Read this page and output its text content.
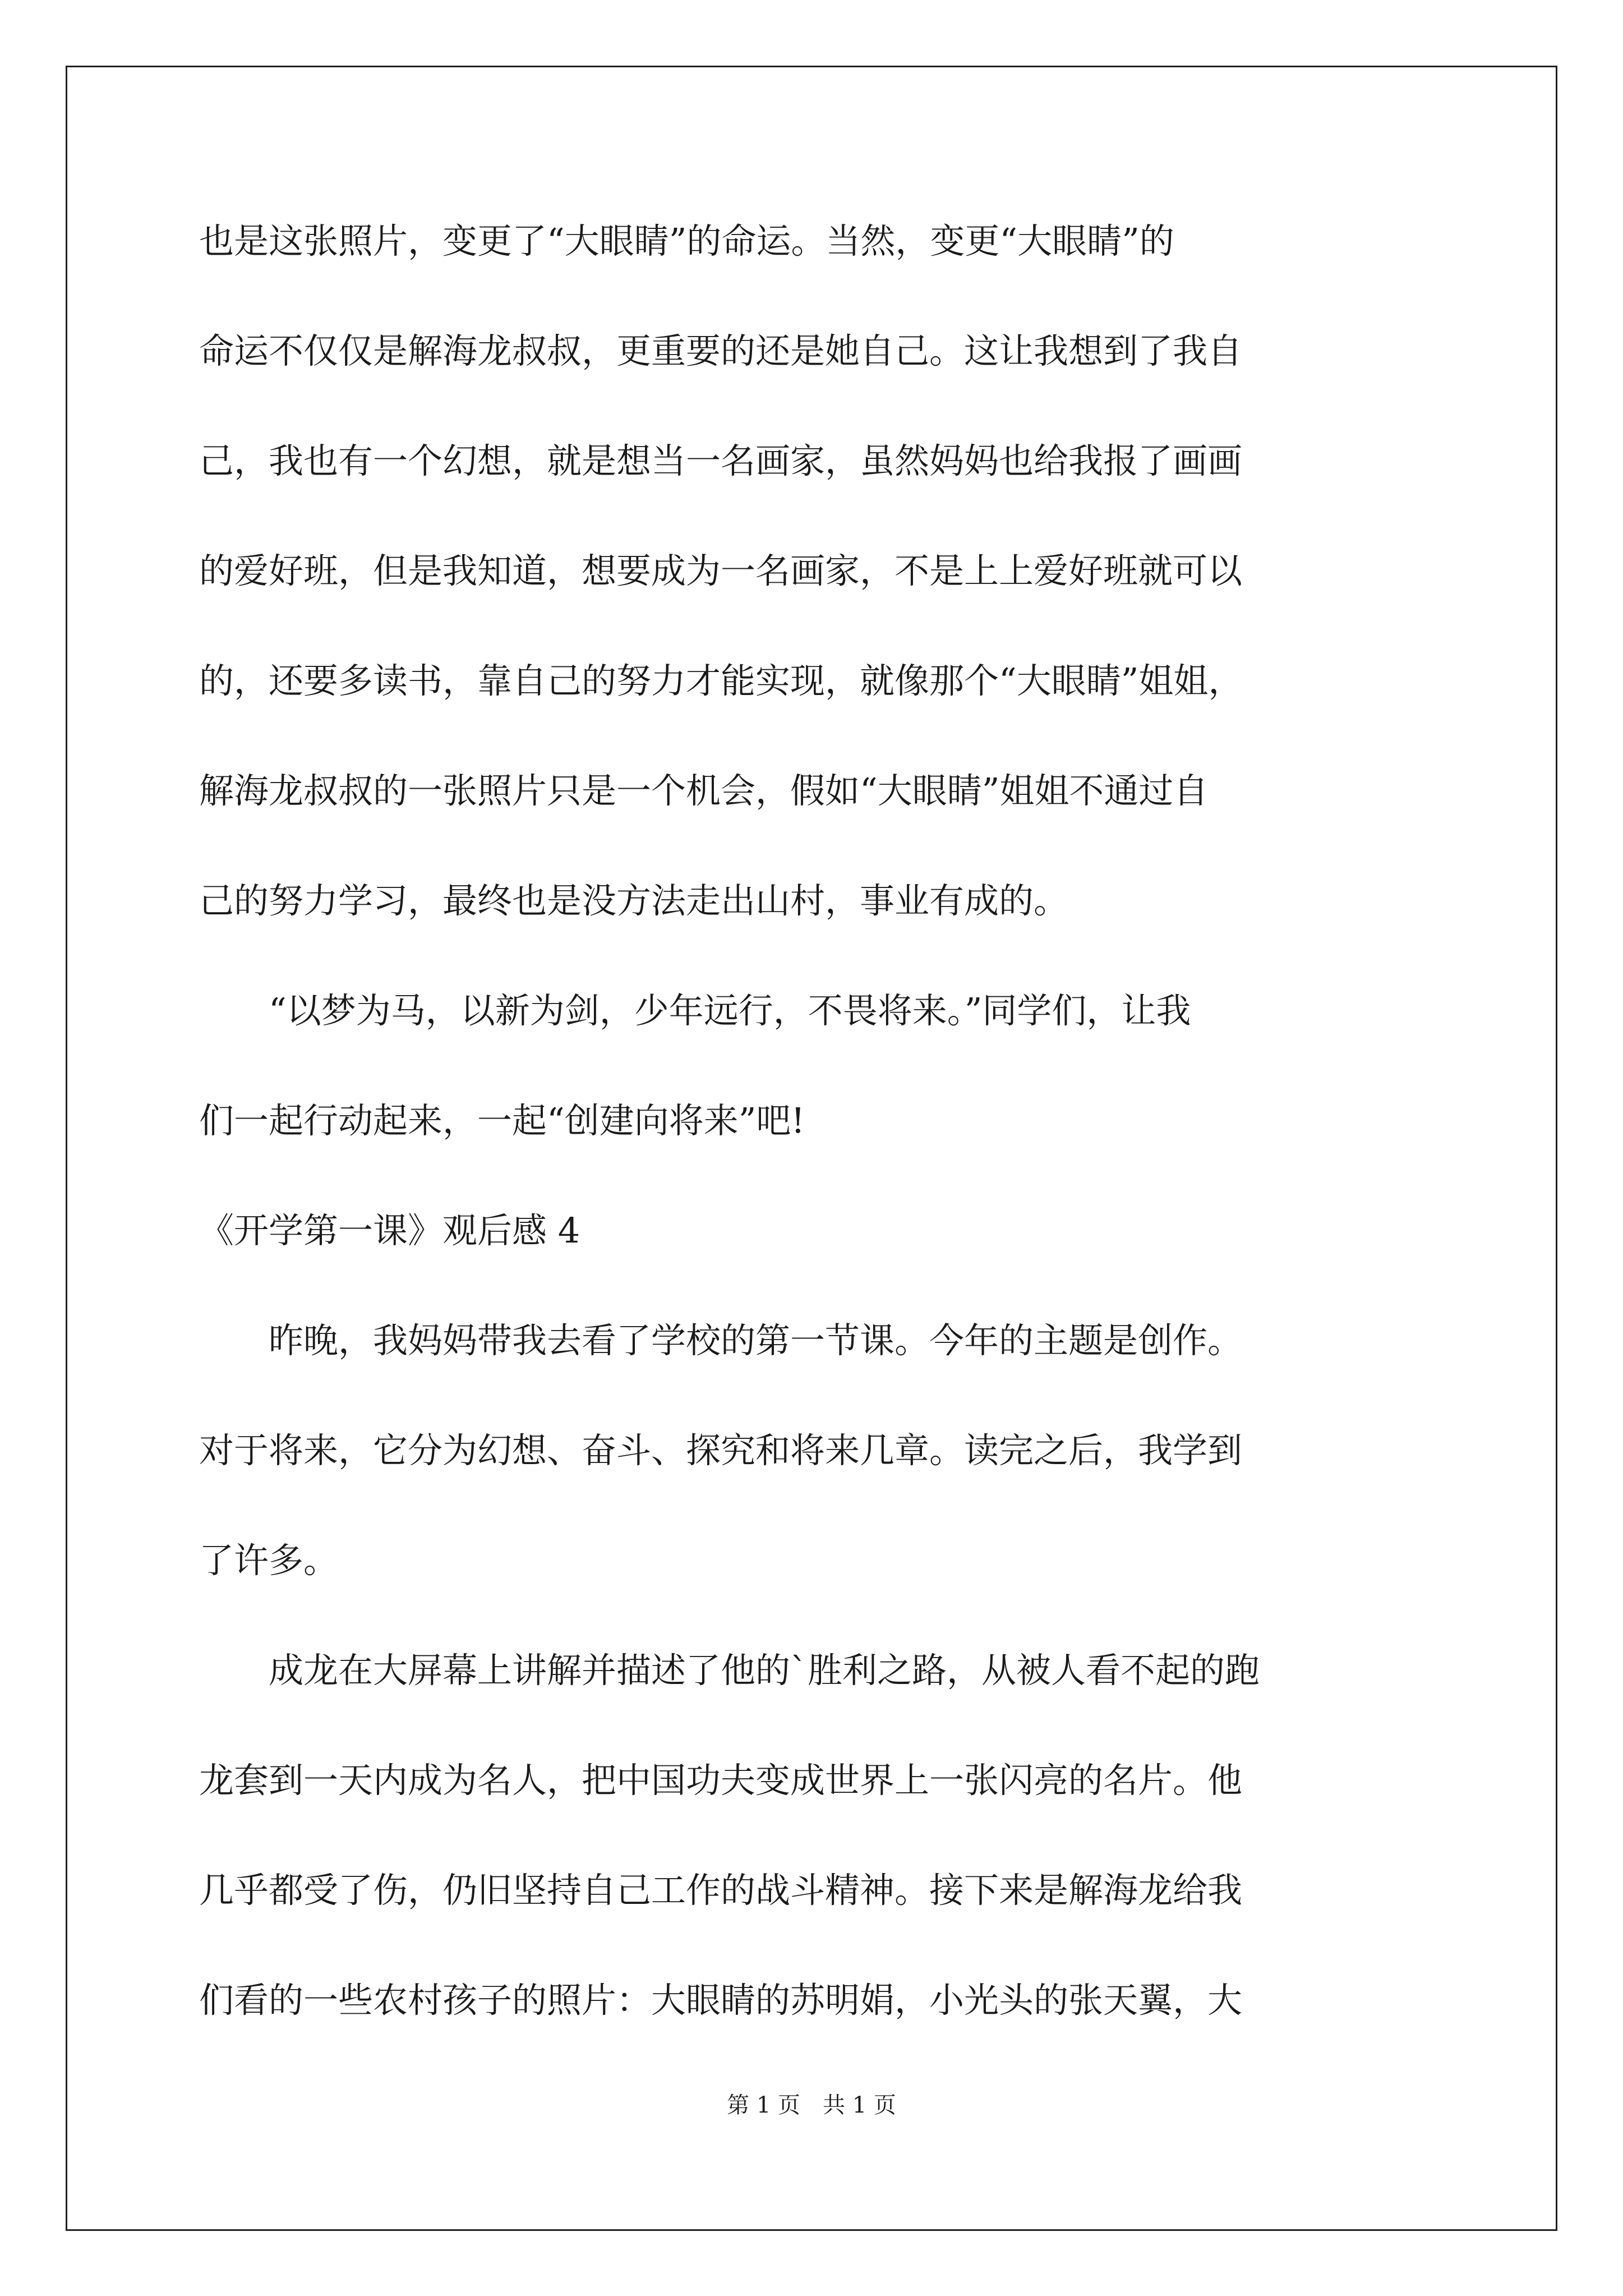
也是这张照片，变更了“大眼睛”的命运。当然，变更“大眼睛”的
命运不仅仅是解海龙叔叔，更重要的还是她自己。这让我想到了我自
己，我也有一个幻想，就是想当一名画家，虽然妈妈也给我报了画画
的爱好班，但是我知道，想要成为一名画家，不是上上爱好班就可以
的，还要多读书，靠自己的努力才能实现，就像那个“大眼睛”姐姐，
解海龙叔叔的一张照片只是一个机会，假如“大眼睛”姐姐不通过自
己的努力学习，最终也是没方法走出山村，事业有成的。
“以梦为马，以新为剑，少年远行，不畏将来。”同学们，让我
们一起行动起来，一起“创建向将来”吧!
《开学第一课》观后感 4
昨晚，我妈妈带我去看了学校的第一节课。今年的主题是创作。
对于将来，它分为幻想、奋斗、探究和将来几章。读完之后，我学到
了许多。
成龙在大屏幕上讲解并描述了他的`胜利之路，从被人看不起的跑
龙套到一天内成为名人，把中国功夫变成世界上一张闪亮的名片。他
几乎都受了伤，仍旧坚持自己工作的战斗精神。接下来是解海龙给我
们看的一些农村孩子的照片：大眼睛的苏明娟，小光头的张天翼，大
第 1 页　共 1 页
